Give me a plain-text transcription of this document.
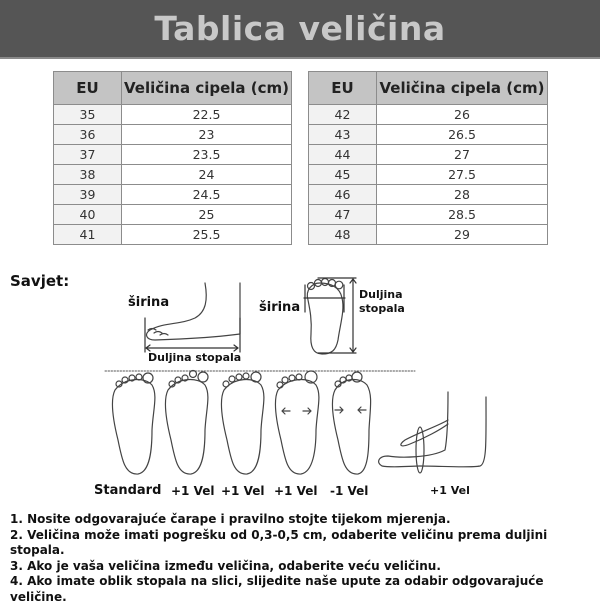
Tablica veličina
EU	Veličina cipela (cm)
35	22.5
36	23
37	23.5
38	24
39	24.5
40	25
41	25.5
EU	Veličina cipela (cm)
42	26
43	26.5
44	27
45	27.5
46	28
47	28.5
48	29
Savjet:
širina
Duljina stopala
širina
Duljina
stopala
Standard +1 Vel +1 Vel +1 Vel -1 Vel	+1 Vel

1. Nosite odgovarajuće čarape i pravilno stojte tijekom mjerenja.

2. Veličina može imati pogrešku od 0,3-0,5 cm, odaberite veličinu prema duljini stopala.

3. Ako je vaša veličina između veličina, odaberite veću veličinu.

4. Ako imate oblik stopala na slici, slijedite naše upute za odabir odgovarajuće veličine.
